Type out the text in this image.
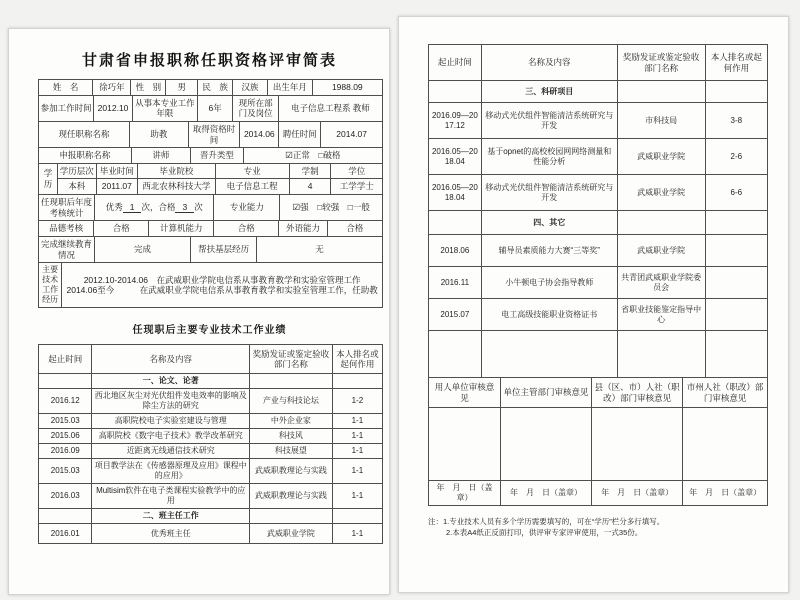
甘肃省申报职称任职资格评审简表
姓　名	徐巧年	性　别	男	民　族	汉族	出生年月	1988.09
参加工作时间	2012.10	从事本专业工作年限	6年	现所在部门及岗位	电子信息工程系 教师
现任职称名称	助教	取得资格时间	2014.06	聘任时间	2014.07
申报职称名称	讲师	晋升类型	☑正常　□破格
学历	学历层次	毕业时间	毕业院校	专业	学制	学位
	本科	2011.07	西北农林科技大学	电子信息工程	4	工学学士
任现职后年度考核统计	优秀 1 次，合格 3 次	专业能力	☑强　□较强　□一般
品德考核	合格	计算机能力	合格	外语能力	合格
完成继续教育情况	完成	帮扶基层经历	无
主要技术工作经历	
2012.10-2014.06　在武威职业学院电信系从事教育教学和实验室管理工作
2014.06至今　　　在武威职业学院电信系从事教育教学和实验室管理工作，任助教
任现职后主要专业技术工作业绩
起止时间	名称及内容	奖励发证或鉴定验收部门名称	本人排名或起何作用
	一、论文、论著		
2016.12	西北地区灰尘对光伏组件发电效率的影响及除尘方法的研究	产业与科技论坛	1-2
2015.03	高职院校电子实验室建设与管理	中外企业家	1-1
2015.06	高职院校《数字电子技术》教学改革研究	科技风	1-1
2016.09	近距离无线通信技术研究	科技展望	1-1
2015.03	项目教学法在《传感器原理及应用》课程中的应用》	武威职教理论与实践	1-1
2016.03	Multisim软件在电子类课程实验教学中的应用	武威职教理论与实践	1-1
	二、班主任工作		
2016.01	优秀班主任	武威职业学院	1-1
起止时间	名称及内容	奖励发证或鉴定验收部门名称	本人排名或起何作用
	三、科研项目		
2016.09—2017.12	移动式光伏组件智能清洁系统研究与开发	市科技局	3-8
2016.05—2018.04	基于opnet的高校校园网网络测量和性能分析	武威职业学院	2-6
2016.05—2018.04	移动式光伏组件智能清洁系统研究与开发	武威职业学院	6-6
	四、其它		
2018.06	辅导员素质能力大赛“三等奖”	武威职业学院	
2016.11	小牛顿电子协会指导教师	共青团武威职业学院委员会	
2015.07	电工高级技能职业资格证书	省职业技能鉴定指导中心	

用人单位审核意见	单位主管部门审核意见	县（区、市）人社（职改）部门审核意见	市州人社（职改）部门审核意见

年　月　日（盖章）	年　月　日（盖章）	年　月　日（盖章）	年　月　日（盖章）
注：1.专业技术人员有多个学历需要填写的，可在“学历”栏分多行填写。
2.本表A4纸正反面打印，供评审专家评审使用，一式35份。
